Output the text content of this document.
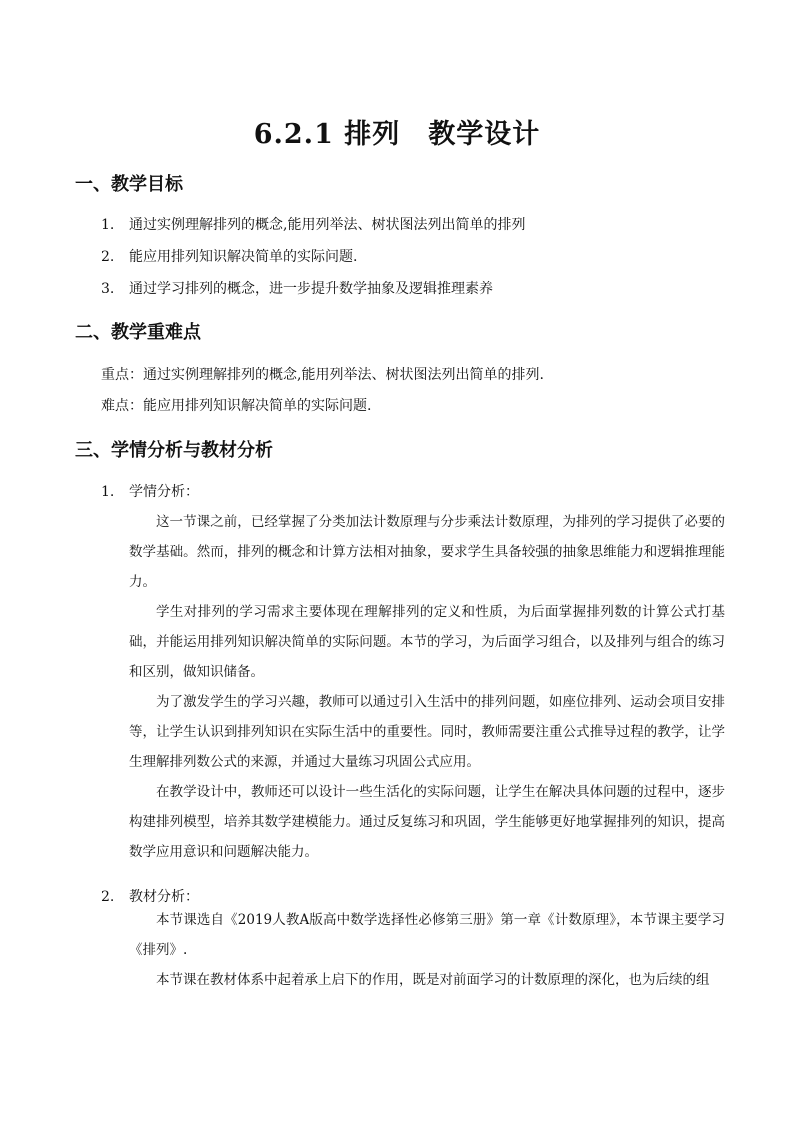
6.2.1 排列 教学设计
一、教学目标
1. 通过实例理解排列的概念,能用列举法、树状图法列出简单的排列
2. 能应用排列知识解决简单的实际问题.
3. 通过学习排列的概念，进一步提升数学抽象及逻辑推理素养
二、教学重难点
重点：通过实例理解排列的概念,能用列举法、树状图法列出简单的排列.
难点：能应用排列知识解决简单的实际问题.
三、学情分析与教材分析
1. 学情分析：
这一节课之前，已经掌握了分类加法计数原理与分步乘法计数原理，为排列的学习提供了必要的数学基础。然而，排列的概念和计算方法相对抽象，要求学生具备较强的抽象思维能力和逻辑推理能力。
学生对排列的学习需求主要体现在理解排列的定义和性质，为后面掌握排列数的计算公式打基础，并能运用排列知识解决简单的实际问题。本节的学习，为后面学习组合，以及排列与组合的练习和区别，做知识储备。
为了激发学生的学习兴趣，教师可以通过引入生活中的排列问题，如座位排列、运动会项目安排等，让学生认识到排列知识在实际生活中的重要性。同时，教师需要注重公式推导过程的教学，让学生理解排列数公式的来源，并通过大量练习巩固公式应用。
在教学设计中，教师还可以设计一些生活化的实际问题，让学生在解决具体问题的过程中，逐步构建排列模型，培养其数学建模能力。通过反复练习和巩固，学生能够更好地掌握排列的知识，提高数学应用意识和问题解决能力。
2. 教材分析：
本节课选自《2019人教A版高中数学选择性必修第三册》第一章《计数原理》，本节课主要学习《排列》.
本节课在教材体系中起着承上启下的作用，既是对前面学习的计数原理的深化，也为后续的组
